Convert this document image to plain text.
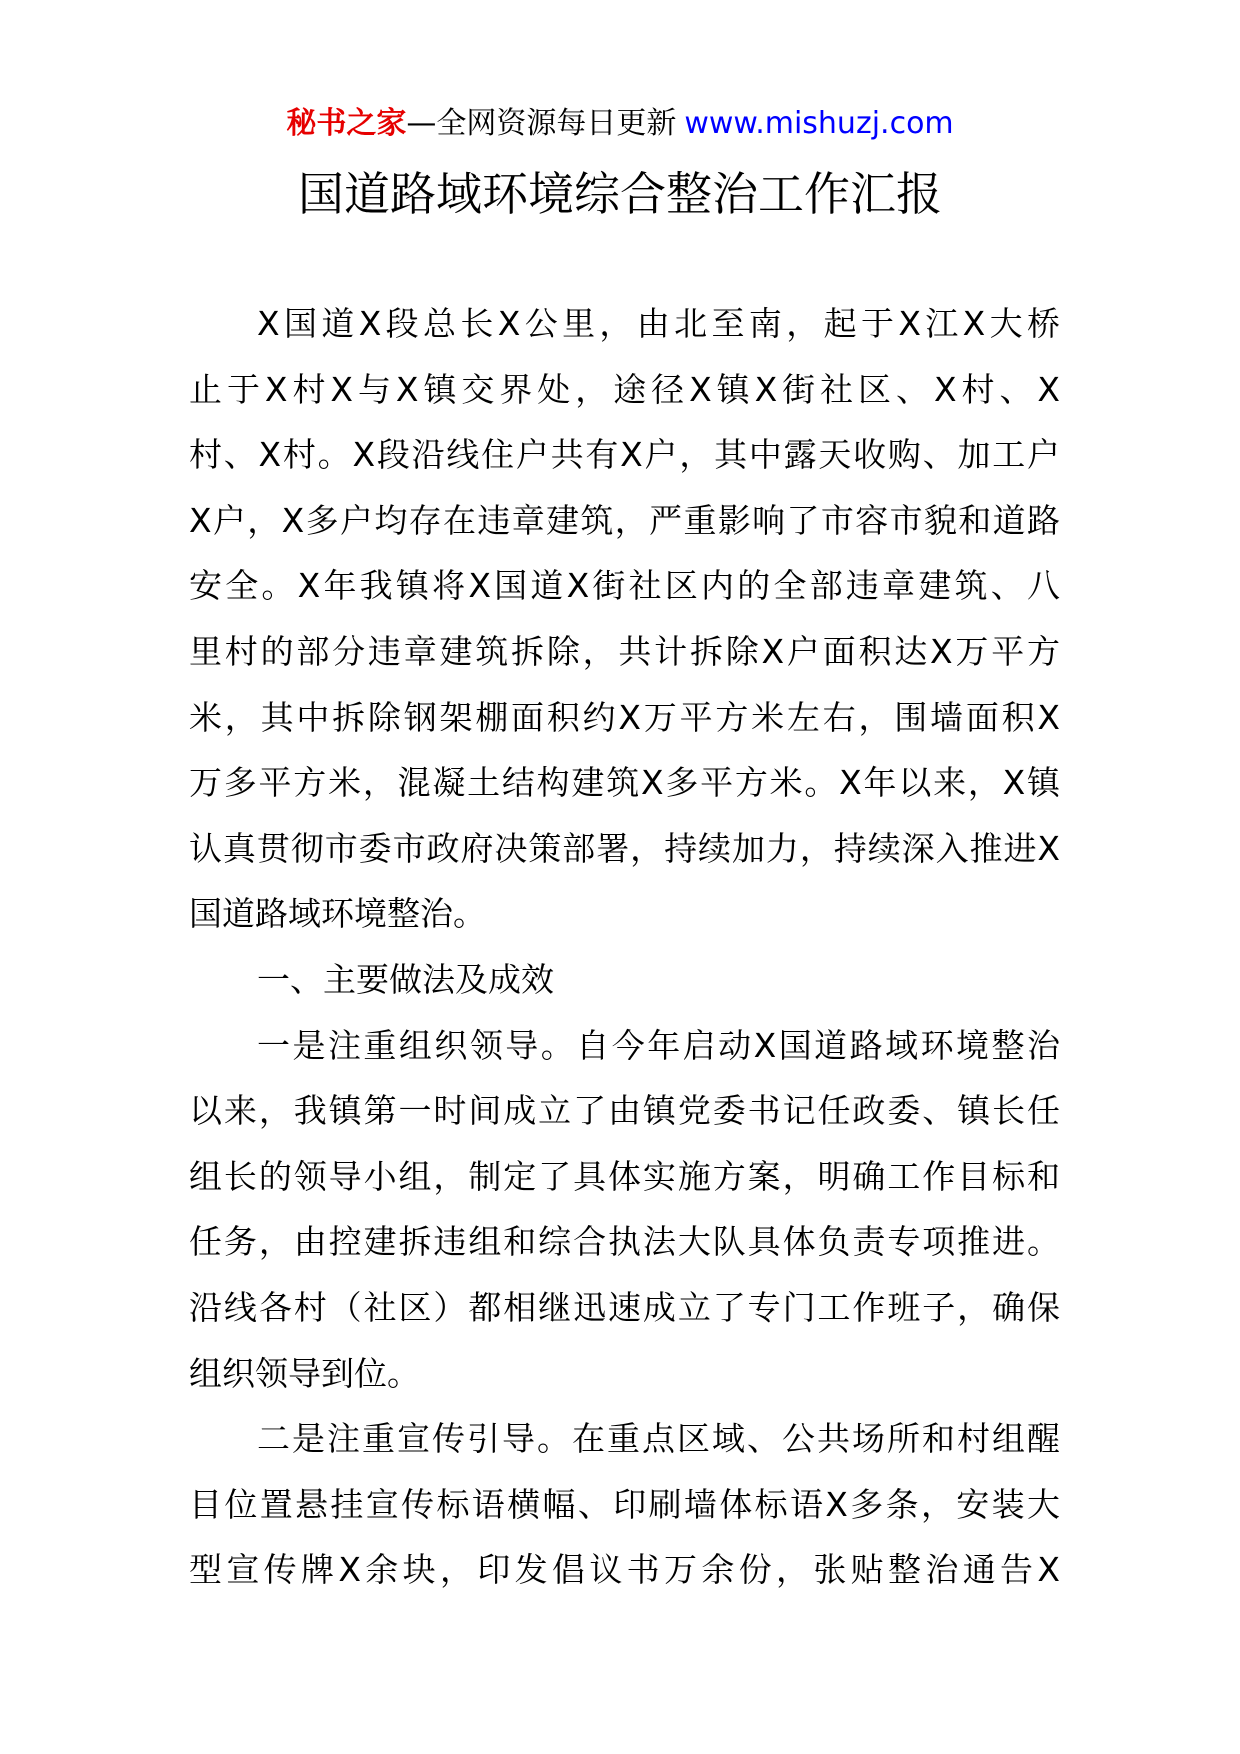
秘书之家—全网资源每日更新 www.mishuzj.com
国道路域环境综合整治工作汇报
X国道X段总长X公里，由北至南，起于X江X大桥
止于X村X与X镇交界处，途径X镇X街社区、X村、X
村、X村。X段沿线住户共有X户，其中露天收购、加工户
X户，X多户均存在违章建筑，严重影响了市容市貌和道路
安全。X年我镇将X国道X街社区内的全部违章建筑、八
里村的部分违章建筑拆除，共计拆除X户面积达X万平方
米，其中拆除钢架棚面积约X万平方米左右，围墙面积X
万多平方米，混凝土结构建筑X多平方米。X年以来，X镇
认真贯彻市委市政府决策部署，持续加力，持续深入推进X
国道路域环境整治。
一、主要做法及成效
一是注重组织领导。自今年启动X国道路域环境整治
以来，我镇第一时间成立了由镇党委书记任政委、镇长任
组长的领导小组，制定了具体实施方案，明确工作目标和
任务，由控建拆违组和综合执法大队具体负责专项推进。
沿线各村（社区）都相继迅速成立了专门工作班子，确保
组织领导到位。
二是注重宣传引导。在重点区域、公共场所和村组醒
目位置悬挂宣传标语横幅、印刷墙体标语X多条，安装大
型宣传牌X余块，印发倡议书万余份，张贴整治通告X
